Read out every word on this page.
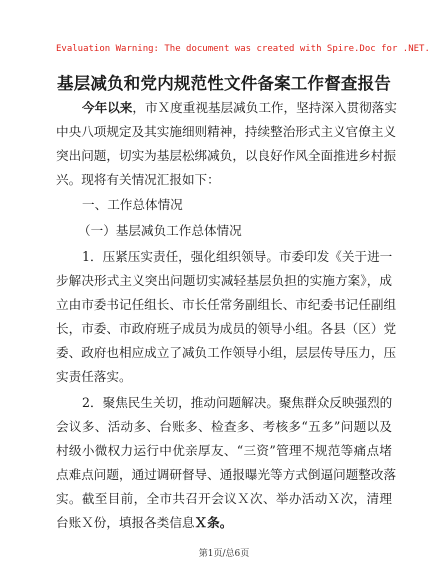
Evaluation Warning: The document was created with Spire.Doc for .NET.
基层减负和党内规范性文件备案工作督查报告
今年以来，市Ｘ度重视基层减负工作，坚持深入贯彻落实
中央八项规定及其实施细则精神，持续整治形式主义官僚主义
突出问题，切实为基层松绑减负，以良好作风全面推进乡村振
兴。现将有关情况汇报如下：
一、工作总体情况
（一）基层减负工作总体情况
1．压紧压实责任，强化组织领导。市委印发《关于进一
步解决形式主义突出问题切实减轻基层负担的实施方案》，成
立由市委书记任组长、市长任常务副组长、市纪委书记任副组
长，市委、市政府班子成员为成员的领导小组。各县（区）党
委、政府也相应成立了减负工作领导小组，层层传导压力，压
实责任落实。
2．聚焦民生关切，推动问题解决。聚焦群众反映强烈的
会议多、活动多、台账多、检查多、考核多“五多”问题以及
村级小微权力运行中优亲厚友、“三资”管理不规范等痛点堵
点难点问题，通过调研督导、通报曝光等方式倒逼问题整改落
实。截至目前，全市共召开会议Ｘ次、举办活动Ｘ次，清理
台账Ｘ份，填报各类信息Ｘ条。
第1页/总6页
